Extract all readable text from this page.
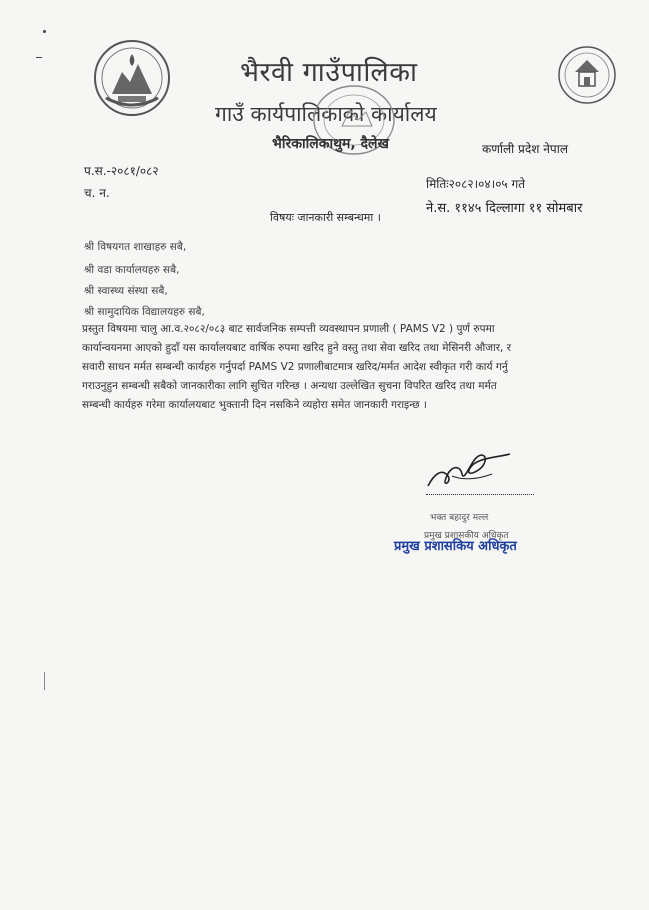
भैरवी गाउँपालिका
गाउँ कार्यपालिकाको कार्यालय
भैरिकालिकाथुम, दैलेख	कर्णाली प्रदेश नेपाल
प.स.-२०८१/०८२
च. न.
मितिः२०८२।०४।०५ गते
ने.स. ११४५ दिल्लागा ११ सोमबार
विषयः जानकारी सम्बन्धमा ।
श्री विषयगत शाखाहरु सबै,
श्री वडा कार्यालयहरु सबै,
श्री स्वास्थ्य संस्था सबै,
श्री सामुदायिक विद्यालयहरु सबै,

प्रस्तुत विषयमा चालु आ.व.२०८२/०८३ बाट सार्वजनिक सम्पत्ती व्यवस्थापन प्रणाली ( PAMS V2 ) पुर्ण रुपमा

कार्यान्वयनमा आएको हुदाँ यस कार्यालयबाट वार्षिक रुपमा खरिद हुने वस्तु तथा सेवा खरिद तथा मेसिनरी औजार, र

सवारी साधन मर्मत सम्बन्धी कार्यहरु गर्नुपर्दा PAMS V2 प्रणालीबाटमात्र खरिद/मर्मत आदेश स्वीकृत गरी कार्य गर्नु

गराउनुहुन सम्बन्धी सबैको जानकारीका लागि सुचित गरिन्छ । अन्यथा उल्लेखित सुचना विपरित खरिद तथा मर्मत

सम्बन्धी कार्यहरु गरेमा कार्यालयबाट भुक्तानी दिन नसकिने व्यहोरा समेत जानकारी गराइन्छ ।

भक्त बहादुर मल्ल
प्रमुख प्रशासकीय अधिकृत
प्रमुख प्रशासकिय अधिकृत
